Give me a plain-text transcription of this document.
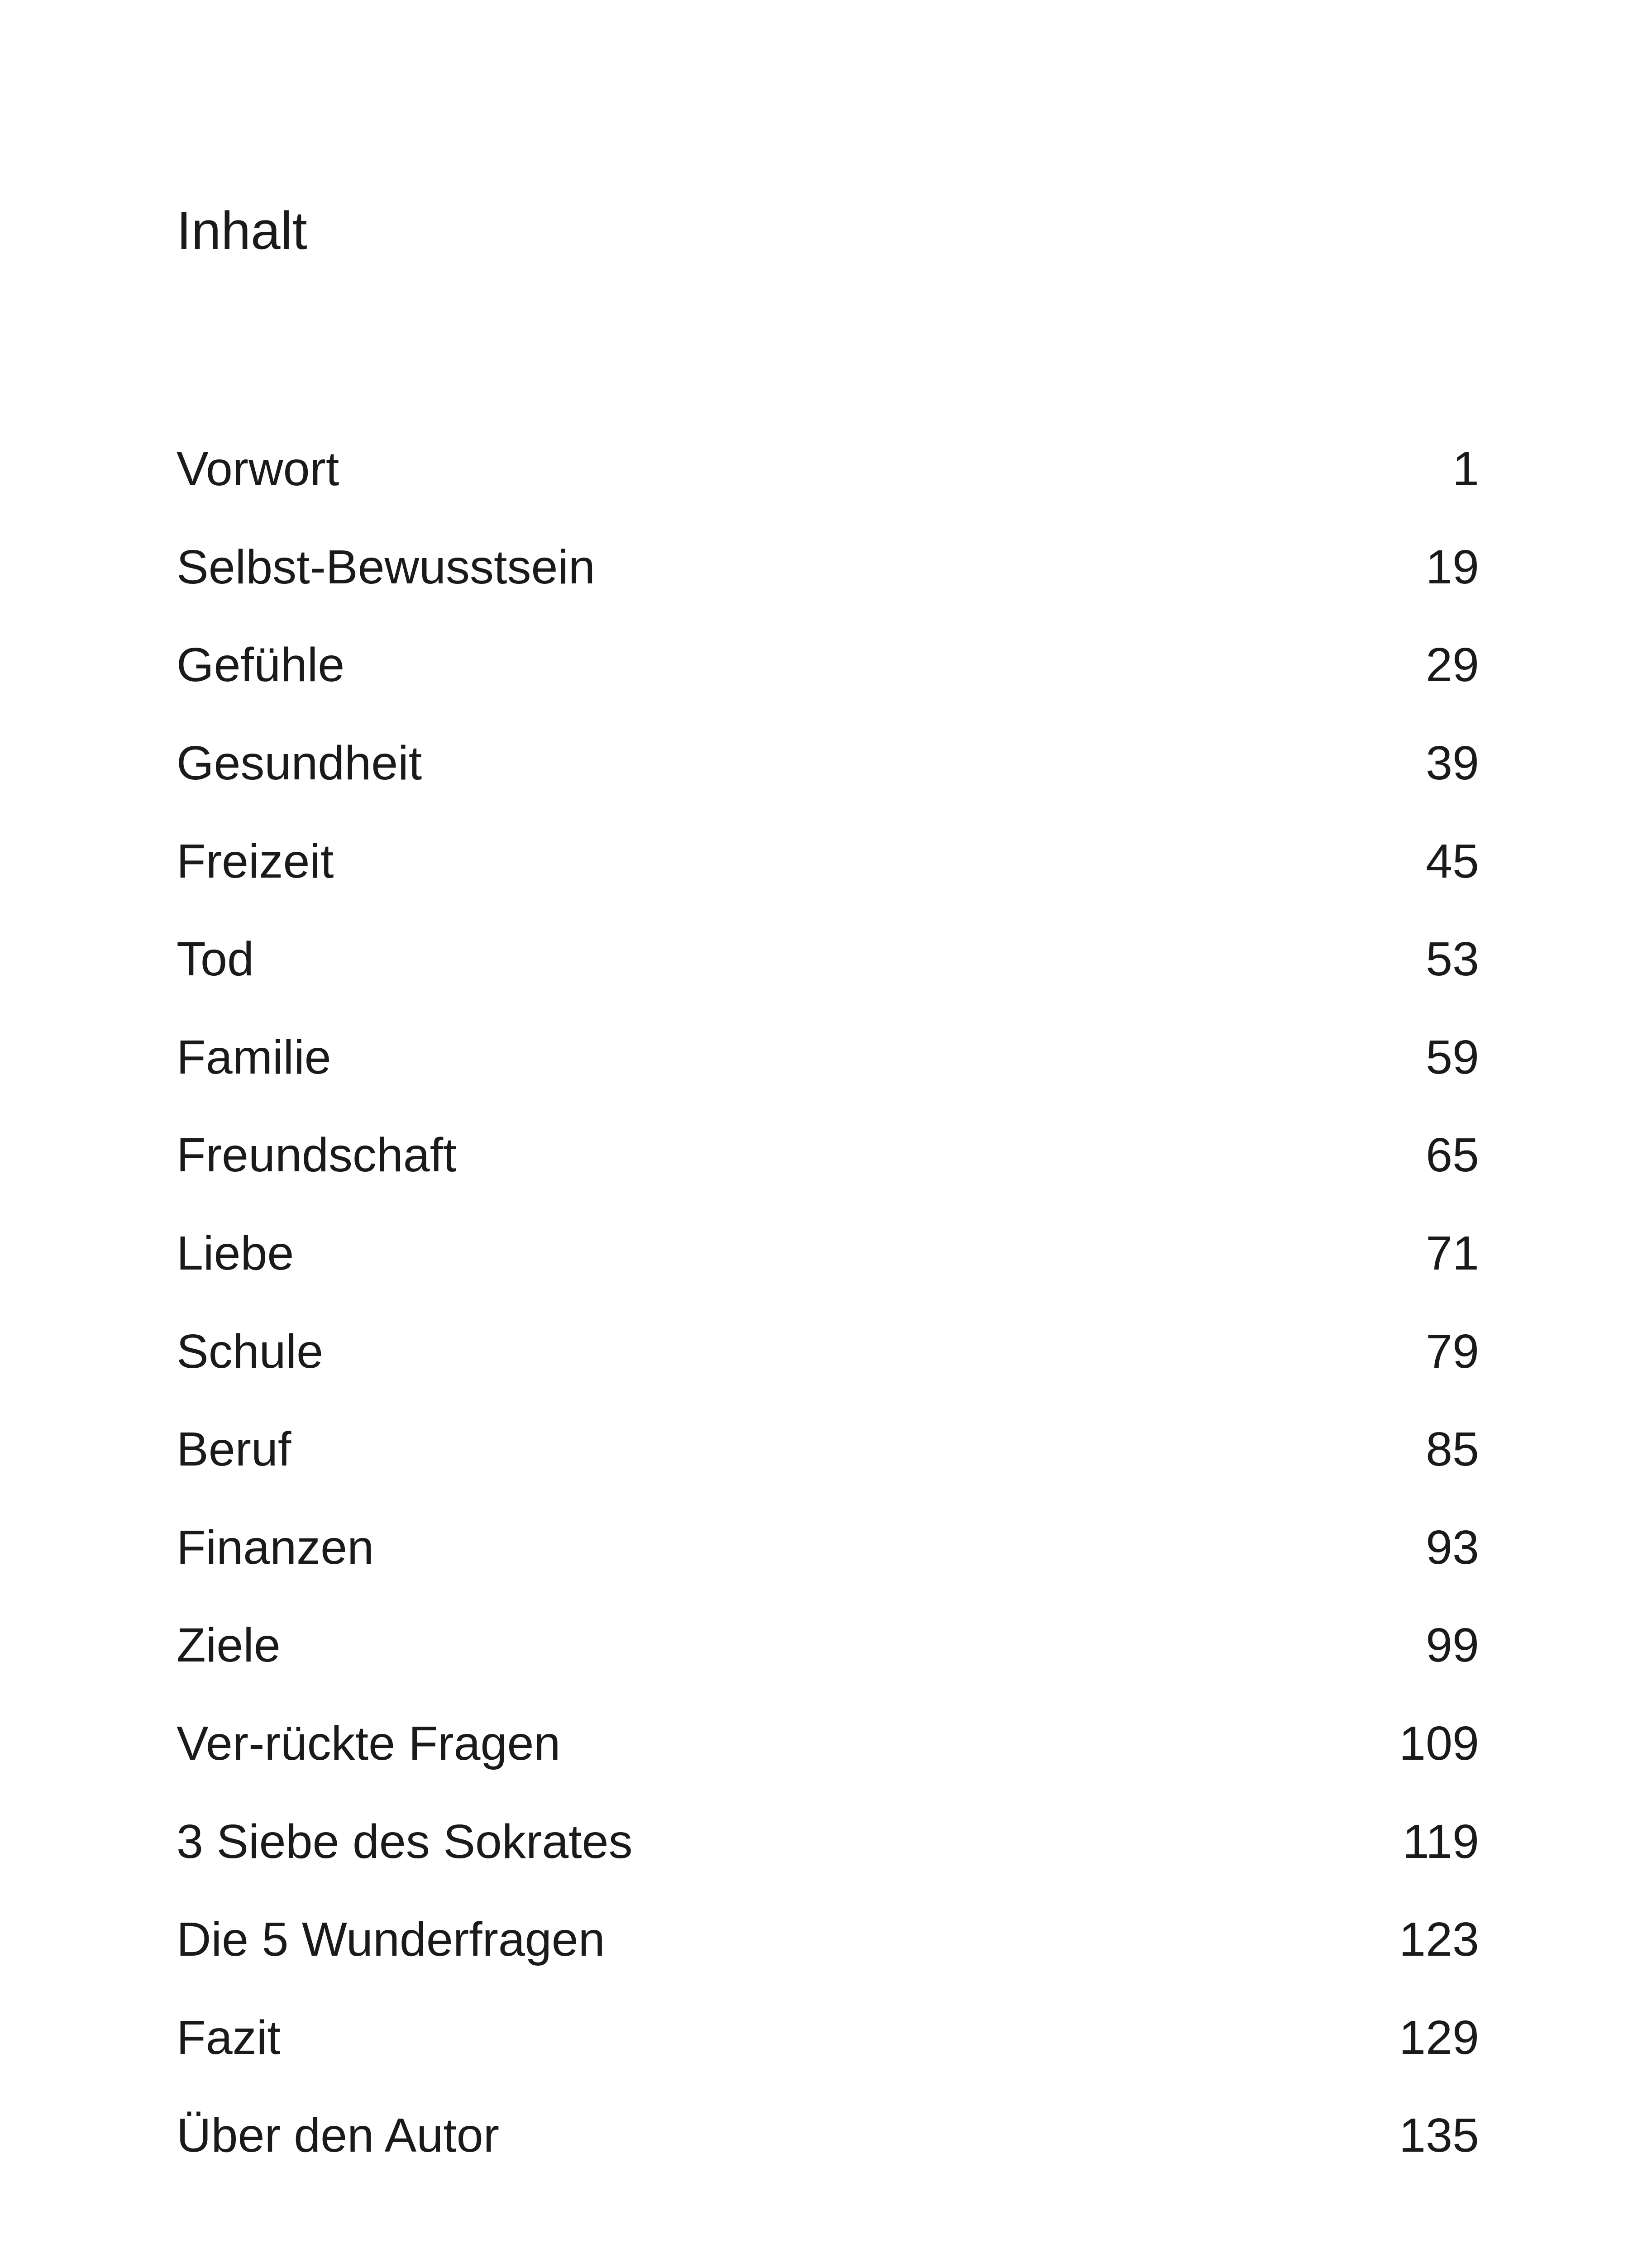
Inhalt
Vorwort	1
Selbst-Bewusstsein	19
Gefühle	29
Gesundheit	39
Freizeit	45
Tod	53
Familie	59
Freundschaft	65
Liebe	71
Schule	79
Beruf	85
Finanzen	93
Ziele	99
Ver-rückte Fragen	109
3 Siebe des Sokrates	119
Die 5 Wunderfragen	123
Fazit	129
Über den Autor	135
